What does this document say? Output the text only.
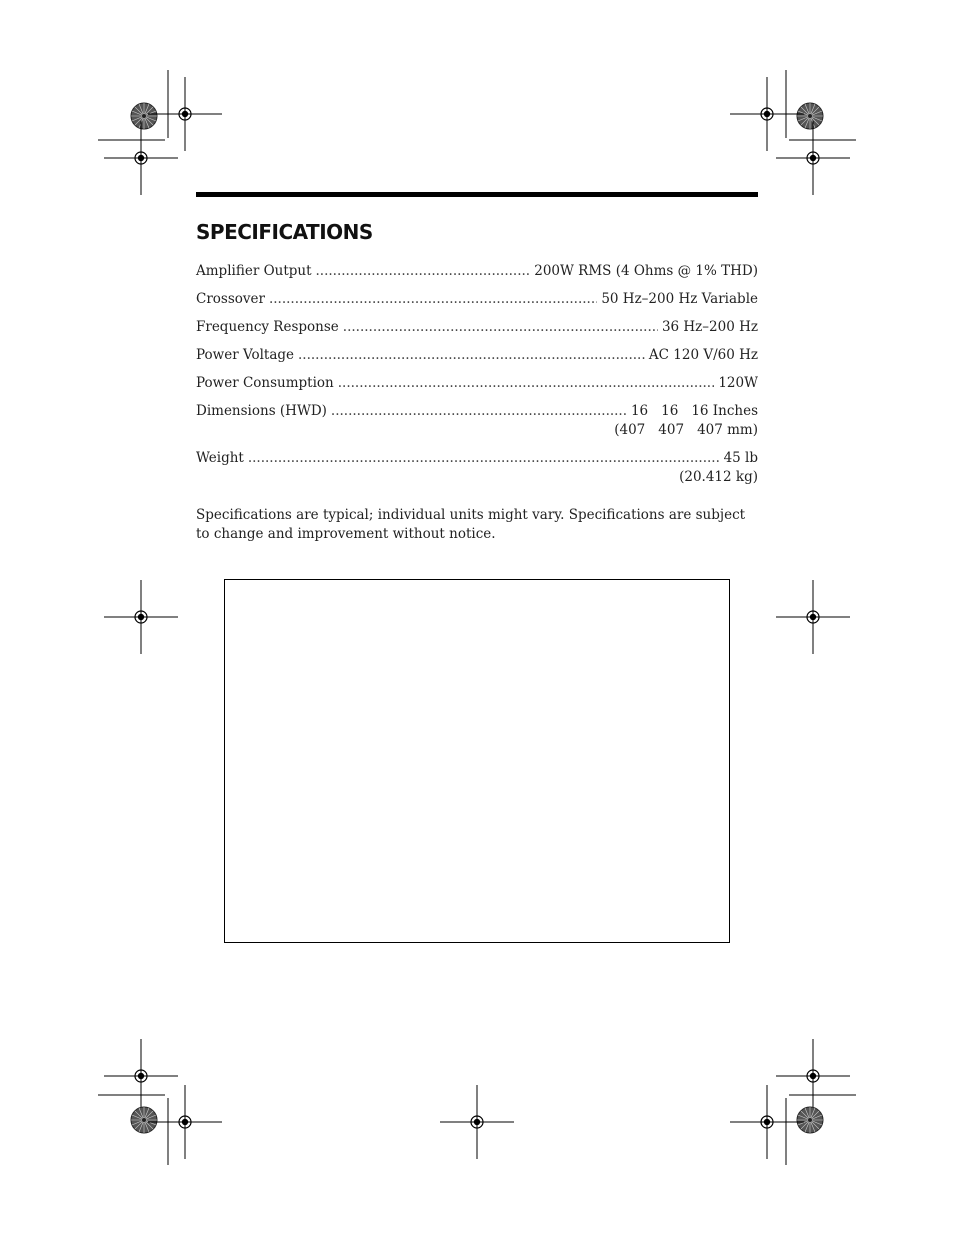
SPECIFICATIONS
Amplifier Output .....	200W RMS (4 Ohms @ 1% THD)
Crossover .....	50 Hz–200 Hz Variable
Frequency Response .....	36 Hz–200 Hz
Power Voltage .....	AC 120 V/60 Hz
Power Consumption .....	120W
Dimensions (HWD) .....	16 16 16 Inches
(407 407 407 mm)
Weight .....	45 lb
(20.412 kg)
Specifications are typical; individual units might vary. Specifications are subject to change and improvement without notice.
